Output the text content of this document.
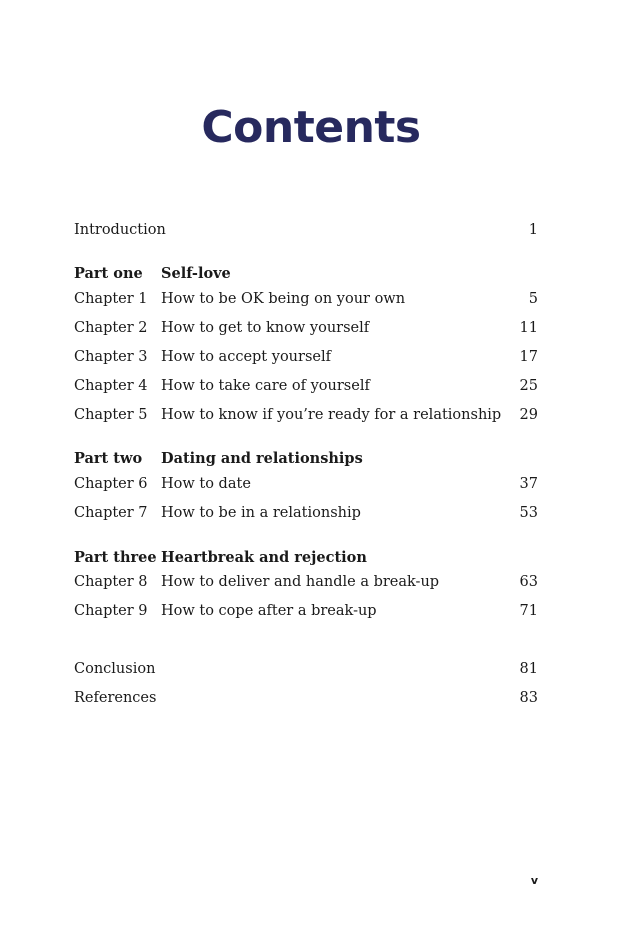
Contents
Introduction	1
Part one Self-love
Chapter 1 How to be OK being on your own	5
Chapter 2 How to get to know yourself	11
Chapter 3 How to accept yourself	17
Chapter 4 How to take care of yourself	25
Chapter 5 How to know if you’re ready for a relationship 29
Part two Dating and relationships
Chapter 6 How to date	37
Chapter 7 How to be in a relationship	53
Part three Heartbreak and rejection
Chapter 8 How to deliver and handle a break-up	63
Chapter 9 How to cope after a break-up	71
Conclusion	81
References	83
v
